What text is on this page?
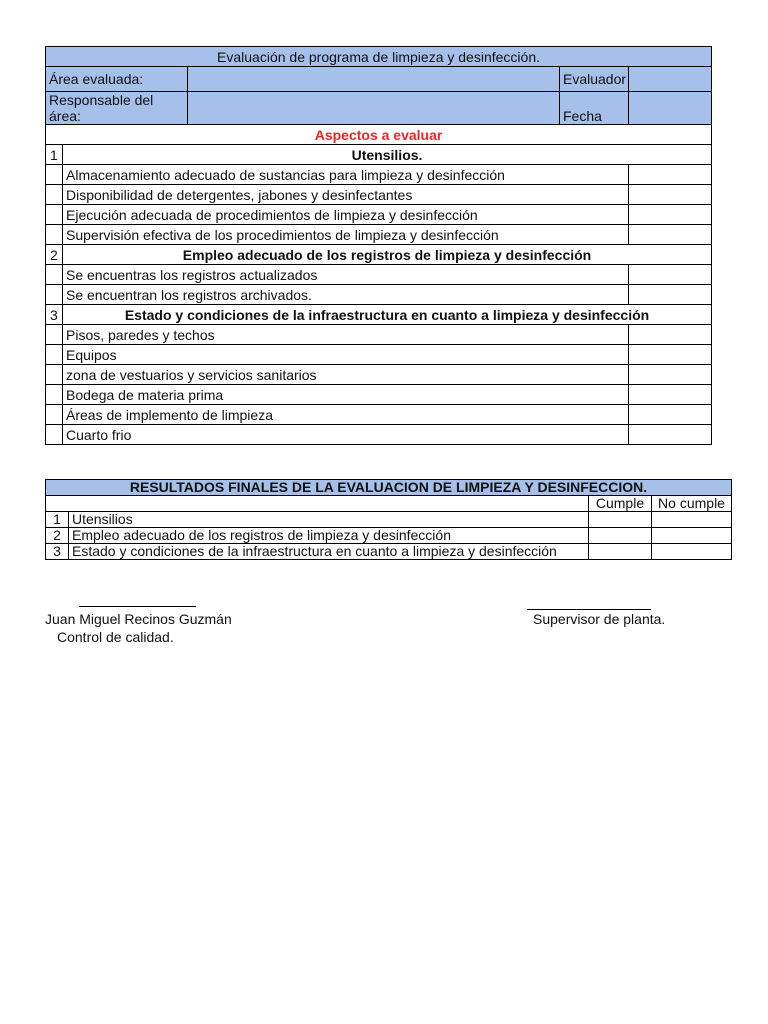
Evaluación de programa de limpieza y desinfección.				
Área evaluada:			Evaluador	
Responsable del área:			Fecha	
Aspectos a evaluar				
1	Utensilios.			
	Almacenamiento adecuado de sustancias para limpieza y desinfección			
	Disponibilidad de detergentes, jabones y desinfectantes			
	Ejecución adecuada de procedimientos de limpieza y desinfección			
	Supervisión efectiva de los procedimientos de limpieza y desinfección			
2	Empleo adecuado de los registros de limpieza y desinfección			
	Se encuentras los registros actualizados			
	Se encuentran los registros archivados.			
3	Estado y condiciones de la infraestructura en cuanto a limpieza y desinfección			
	Pisos, paredes y techos			
	Equipos			
	zona de vestuarios y servicios sanitarios			
	Bodega de materia prima			
	Áreas de implemento de limpieza			
	Cuarto frio			
RESULTADOS FINALES DE LA EVALUACION DE LIMPIEZA Y DESINFECCION.			
		Cumple	No cumple
1	Utensilios		
2	Empleo adecuado de los registros de limpieza y desinfección		
3	Estado y condiciones de la infraestructura en cuanto a limpieza y desinfección		
Juan Miguel Recinos Guzmán
Control de calidad.
Supervisor de planta.
